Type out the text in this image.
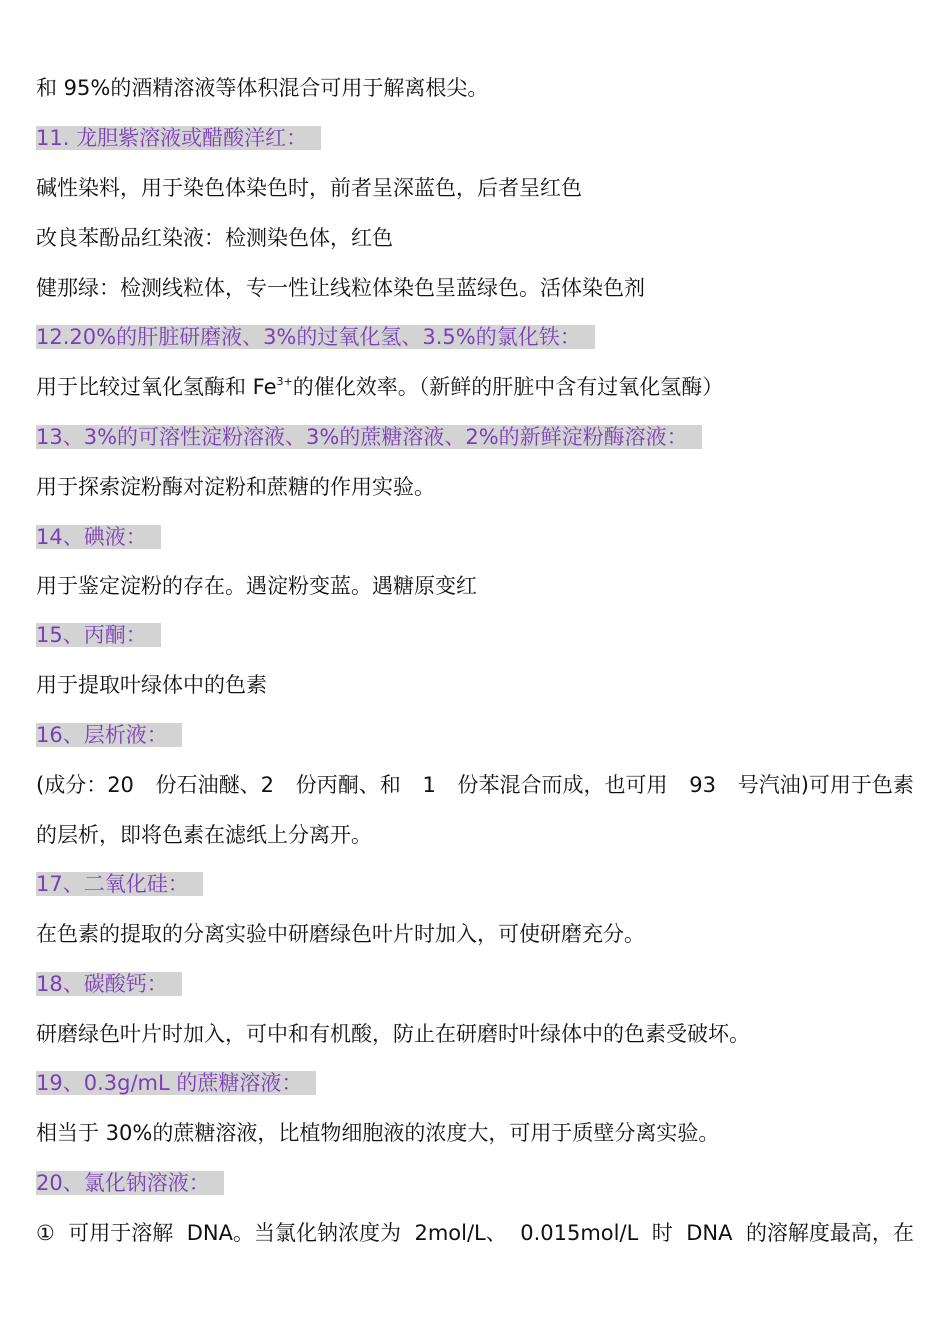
和 95%的酒精溶液等体积混合可用于解离根尖。
11. 龙胆紫溶液或醋酸洋红：
碱性染料，用于染色体染色时，前者呈深蓝色，后者呈红色
改良苯酚品红染液：检测染色体，红色
健那绿：检测线粒体，专一性让线粒体染色呈蓝绿色。活体染色剂
12.20%的肝脏研磨液、3%的过氧化氢、3.5%的氯化铁：
用于比较过氧化氢酶和 $Fe^{3+}$的催化效率。（新鲜的肝脏中含有过氧化氢酶）
13、3%的可溶性淀粉溶液、3%的蔗糖溶液、2%的新鲜淀粉酶溶液：
用于探索淀粉酶对淀粉和蔗糖的作用实验。
14、碘液：
用于鉴定淀粉的存在。遇淀粉变蓝。遇糖原变红
15、丙酮：
用于提取叶绿体中的色素
16、层析液：
(成分：20 份石油醚、2 份丙酮、和 1 份苯混合而成，也可用 93 号汽油)可用于色素
的层析，即将色素在滤纸上分离开。
17、二氧化硅：
在色素的提取的分离实验中研磨绿色叶片时加入，可使研磨充分。
18、碳酸钙：
研磨绿色叶片时加入，可中和有机酸，防止在研磨时叶绿体中的色素受破坏。
19、0.3g/mL 的蔗糖溶液：
相当于 30%的蔗糖溶液，比植物细胞液的浓度大，可用于质壁分离实验。
20、氯化钠溶液：
① 可用于溶解 DNA。当氯化钠浓度为 2mol/L、 0.015mol/L 时 DNA 的溶解度最高，在
